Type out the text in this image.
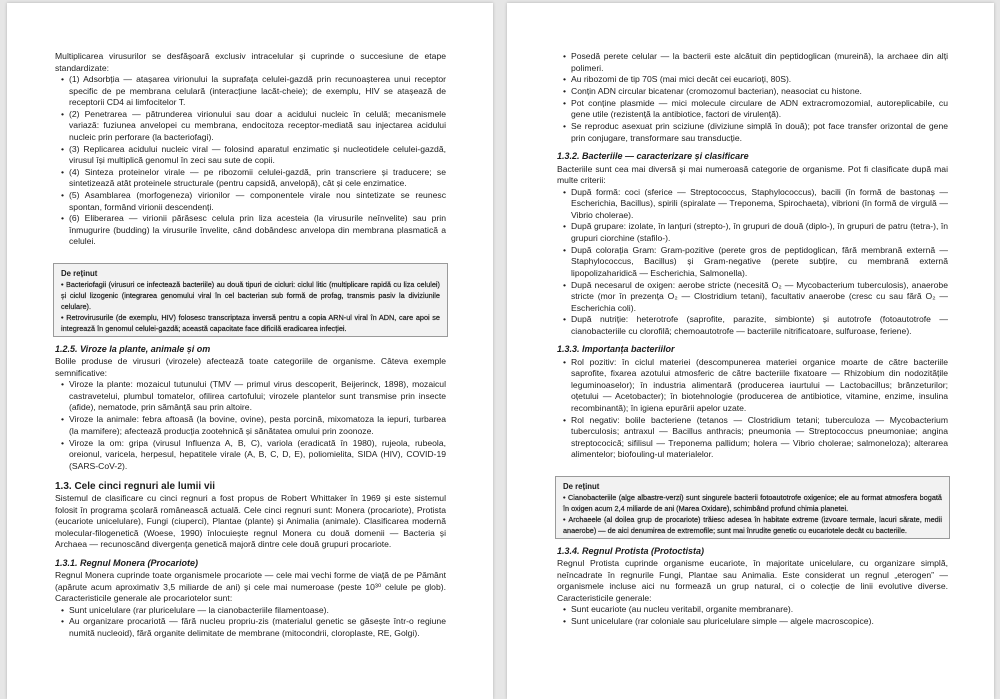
Multiplicarea virusurilor se desfășoară exclusiv intracelular și cuprinde o succesiune de etape standardizate:

• (1) Adsorbția — atașarea virionului la suprafața celulei-gazdă prin recunoașterea unui receptor specific de pe membrana celulară (interacțiune lacăt-cheie); de exemplu, HIV se atașează de receptorii CD4 ai limfocitelor T.
• (2) Penetrarea — pătrunderea virionului sau doar a acidului nucleic în celulă; mecanismele variază: fuziunea anvelopei cu membrana, endocitoza receptor-mediată sau injectarea acidului nucleic prin perforare (la bacteriofagi).
• (3) Replicarea acidului nucleic viral — folosind aparatul enzimatic și nucleotidele celulei-gazdă, virusul își multiplică genomul în zeci sau sute de copii.
• (4) Sinteza proteinelor virale — pe ribozomii celulei-gazdă, prin transcriere și traducere; se sintetizează atât proteinele structurale (pentru capsidă, anvelopă), cât și cele enzimatice.
• (5) Asamblarea (morfogeneza) virionilor — componentele virale nou sintetizate se reunesc spontan, formând virionii descendenți.
• (6) Eliberarea — virionii părăsesc celula prin liza acesteia (la virusurile neînvelite) sau prin înmugurire (budding) la virusurile învelite, când dobândesc anvelopa din membrana plasmatică a celulei.
De reținut
• Bacteriofagii (virusuri ce infectează bacteriile) au două tipuri de cicluri: ciclul litic (multiplicare rapidă cu liza celulei) și ciclul lizogenic (integrarea genomului viral în cel bacterian sub formă de profag, transmis pasiv la diviziunile celulare).
• Retrovirusurile (de exemplu, HIV) folosesc transcriptaza inversă pentru a copia ARN-ul viral în ADN, care apoi se integrează în genomul celulei-gazdă; această capacitate face dificilă eradicarea infecției.
1.2.5. Viroze la plante, animale și om

Bolile produse de virusuri (virozele) afectează toate categoriile de organisme. Câteva exemple semnificative:

• Viroze la plante: mozaicul tutunului (TMV — primul virus descoperit, Beijerinck, 1898), mozaicul castravetelui, plumbul tomatelor, ofilirea cartofului; virozele plantelor sunt transmise prin insecte (afide), nematode, prin sămânță sau prin altoire.
• Viroze la animale: febra aftoasă (la bovine, ovine), pesta porcină, mixomatoza la iepuri, turbarea (la mamifere); afectează producția zootehnică și sănătatea omului prin zoonoze.
• Viroze la om: gripa (virusul Influenza A, B, C), variola (eradicată în 1980), rujeola, rubeola, oreionul, varicela, herpesul, hepatitele virale (A, B, C, D, E), poliomielita, SIDA (HIV), COVID-19 (SARS-CoV-2).
1.3. Cele cinci regnuri ale lumii vii

Sistemul de clasificare cu cinci regnuri a fost propus de Robert Whittaker în 1969 și este sistemul folosit în programa școlară românească actuală. Cele cinci regnuri sunt: Monera (procariote), Protista (eucariote unicelulare), Fungi (ciuperci), Plantae (plante) și Animalia (animale). Clasificarea modernă molecular-filogenetică (Woese, 1990) înlocuiește regnul Monera cu două domenii — Bacteria și Archaea — recunoscând divergența genetică majoră dintre cele două grupuri procariote.

1.3.1. Regnul Monera (Procariote)

Regnul Monera cuprinde toate organismele procariote — cele mai vechi forme de viață de pe Pământ (apărute acum aproximativ 3,5 miliarde de ani) și cele mai numeroase (peste 10³⁰ celule pe glob). Caracteristicile generale ale procariotelor sunt:

• Sunt unicelulare (rar pluricelulare — la cianobacteriile filamentoase).
• Au organizare procariotă — fără nucleu propriu-zis (materialul genetic se găsește într-o regiune numită nucleoid), fără organite delimitate de membrane (mitocondrii, cloroplaste, RE, Golgi).
• Posedă perete celular — la bacterii este alcătuit din peptidoglican (mureină), la archaee din alți polimeri.
• Au ribozomi de tip 70S (mai mici decât cei eucarioți, 80S).
• Conțin ADN circular bicatenar (cromozomul bacterian), neasociat cu histone.
• Pot conține plasmide — mici molecule circulare de ADN extracromozomial, autoreplicabile, cu gene utile (rezistență la antibiotice, factori de virulență).
• Se reproduc asexuat prin sciziune (diviziune simplă în două); pot face transfer orizontal de gene prin conjugare, transformare sau transducție.
1.3.2. Bacteriile — caracterizare și clasificare

Bacteriile sunt cea mai diversă și mai numeroasă categorie de organisme. Pot fi clasificate după mai multe criterii:

• După formă: coci (sferice — Streptococcus, Staphylococcus), bacili (în formă de bastonaș — Escherichia, Bacillus), spirili (spiralate — Treponema, Spirochaeta), vibrioni (în formă de virgulă — Vibrio cholerae).
• După grupare: izolate, în lanțuri (strepto-), în grupuri de două (diplo-), în grupuri de patru (tetra-), în grupuri ciorchine (stafilo-).
• După colorația Gram: Gram-pozitive (perete gros de peptidoglican, fără membrană externă — Staphylococcus, Bacillus) și Gram-negative (perete subțire, cu membrană externă lipopolizaharidică — Escherichia, Salmonella).
• După necesarul de oxigen: aerobe stricte (necesită O₂ — Mycobacterium tuberculosis), anaerobe stricte (mor în prezența O₂ — Clostridium tetani), facultativ anaerobe (cresc cu sau fără O₂ — Escherichia coli).
• După nutriție: heterotrofe (saprofite, parazite, simbionte) și autotrofe (fotoautotrofe — cianobacteriile cu clorofilă; chemoautotrofe — bacteriile nitrificatoare, sulfuroase, feriene).
1.3.3. Importanța bacteriilor
• Rol pozitiv: în ciclul materiei (descompunerea materiei organice moarte de către bacteriile saprofite, fixarea azotului atmosferic de către bacteriile fixatoare — Rhizobium din nodozitățile leguminoaselor); în industria alimentară (producerea iaurtului — Lactobacillus; brânzeturilor; oțetului — Acetobacter); în biotehnologie (producerea de antibiotice, vitamine, enzime, insulina recombinantă); în igiena epurării apelor uzate.
• Rol negativ: bolile bacteriene (tetanos — Clostridium tetani; tuberculoza — Mycobacterium tuberculosis; antraxul — Bacillus anthracis; pneumonia — Streptococcus pneumoniae; angina streptococică; sifilisul — Treponema pallidum; holera — Vibrio cholerae; salmoneloza); alterarea alimentelor; biofouling-ul materialelor.
De reținut
• Cianobacteriile (alge albastre-verzi) sunt singurele bacterii fotoautotrofe oxigenice; ele au format atmosfera bogată în oxigen acum 2,4 miliarde de ani (Marea Oxidare), schimbând profund chimia planetei.
• Archaeele (al doilea grup de procariote) trăiesc adesea în habitate extreme (izvoare termale, lacuri sărate, medii anaerobe) — de aici denumirea de extremofile; sunt mai înrudite genetic cu eucariotele decât cu bacteriile.
1.3.4. Regnul Protista (Protoctista)

Regnul Protista cuprinde organisme eucariote, în majoritate unicelulare, cu organizare simplă, neîncadrate în regnurile Fungi, Plantae sau Animalia. Este considerat un regnul „eterogen” — organismele incluse aici nu formează un grup natural, ci o colecție de linii evolutive diverse. Caracteristicile generale:

• Sunt eucariote (au nucleu veritabil, organite membranare).
• Sunt unicelulare (rar coloniale sau pluricelulare simple — algele macroscopice).
